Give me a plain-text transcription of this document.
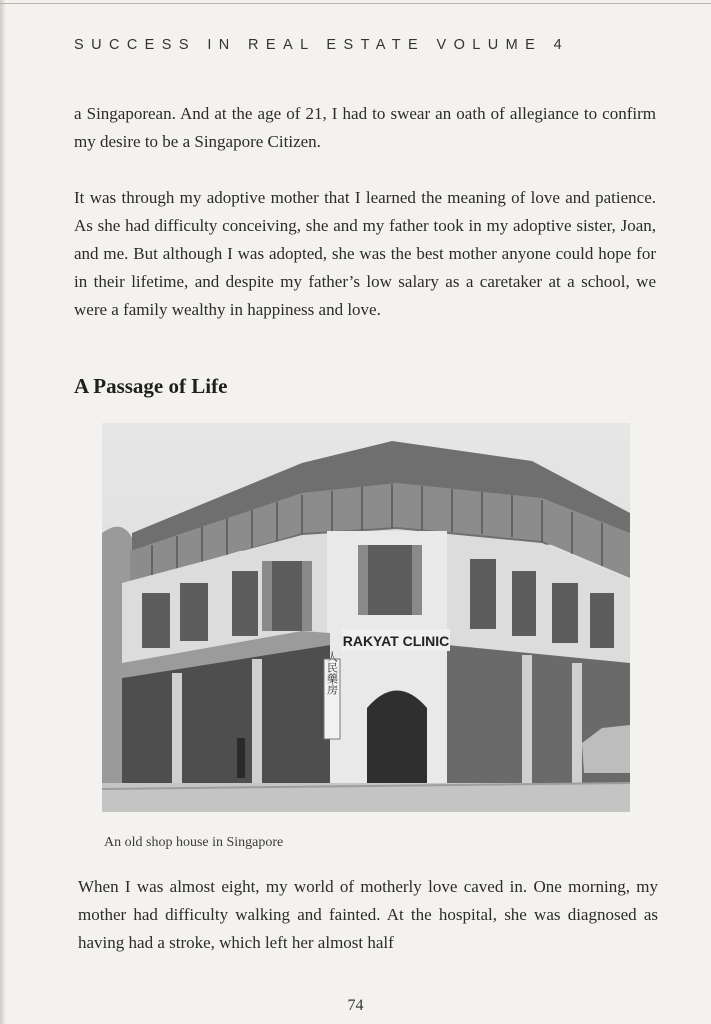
SUCCESS IN REAL ESTATE VOLUME 4

a Singaporean. And at the age of 21, I had to swear an oath of allegiance to confirm my desire to be a Singapore Citizen.

It was through my adoptive mother that I learned the meaning of love and patience. As she had difficulty conceiving, she and my father took in my adoptive sister, Joan, and me. But although I was adopted, she was the best mother anyone could hope for in their lifetime, and despite my father’s low salary as a caretaker at a school, we were a family wealthy in happiness and love.

A Passage of Life
RAKYAT CLINIC
人民藥房
An old shop house in Singapore

When I was almost eight, my world of motherly love caved in. One morning, my mother had difficulty walking and fainted. At the hospital, she was diagnosed as having had a stroke, which left her almost half

74
